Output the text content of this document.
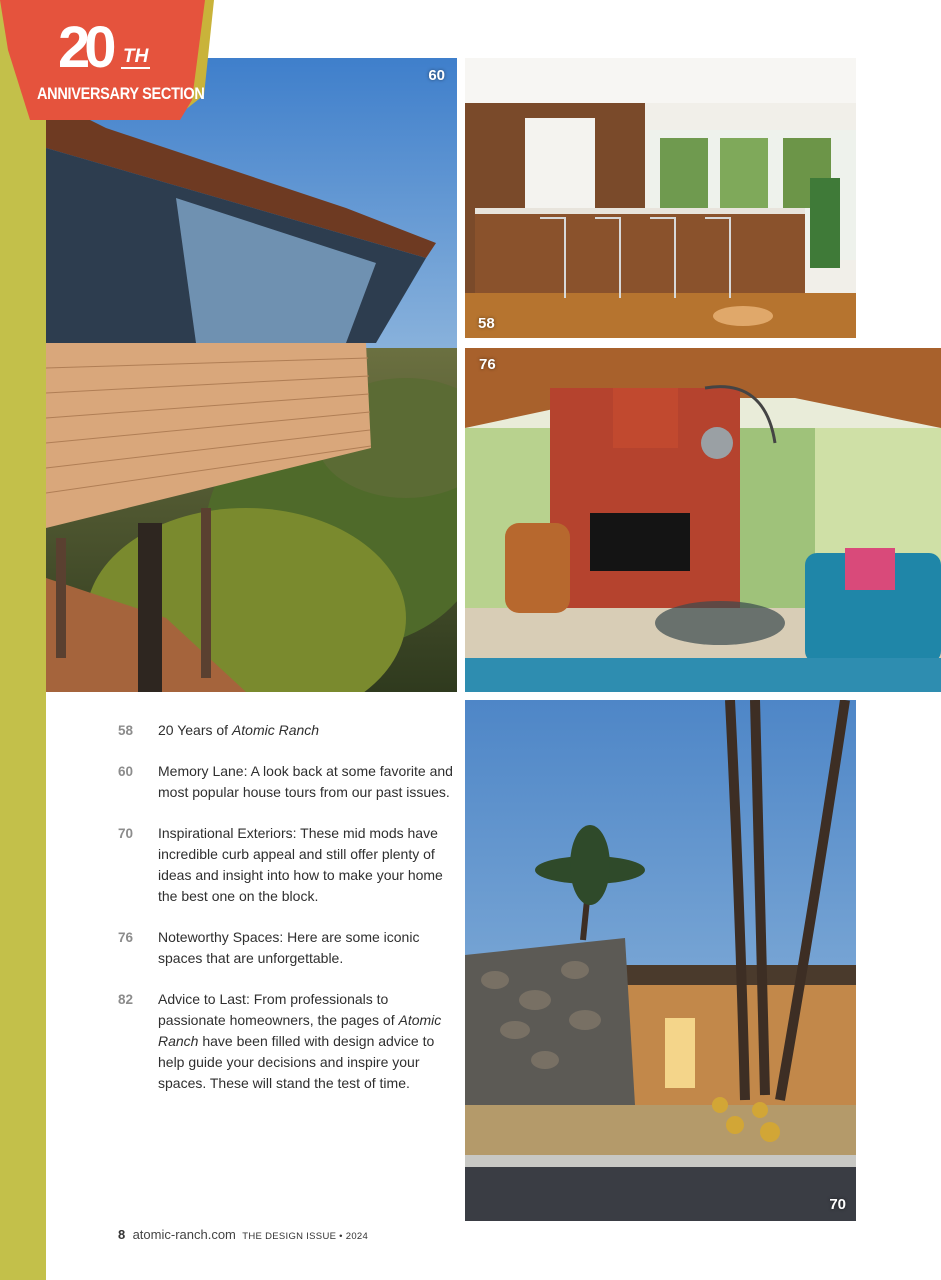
60
58
76
70
20 TH
ANNIVERSARY SECTION
58	20 Years of Atomic Ranch
60	Memory Lane: A look back at some favorite and most popular house tours from our past issues.
70	Inspirational Exteriors: These mid mods have incredible curb appeal and still offer plenty of ideas and insight into how to make your home the best one on the block.
76	Noteworthy Spaces: Here are some iconic spaces that are unforgettable.
82	Advice to Last: From professionals to passionate homeowners, the pages of Atomic Ranch have been filled with design advice to help guide your decisions and inspire your spaces. These will stand the test of time.
8 atomic-ranch.com THE DESIGN ISSUE • 2024
